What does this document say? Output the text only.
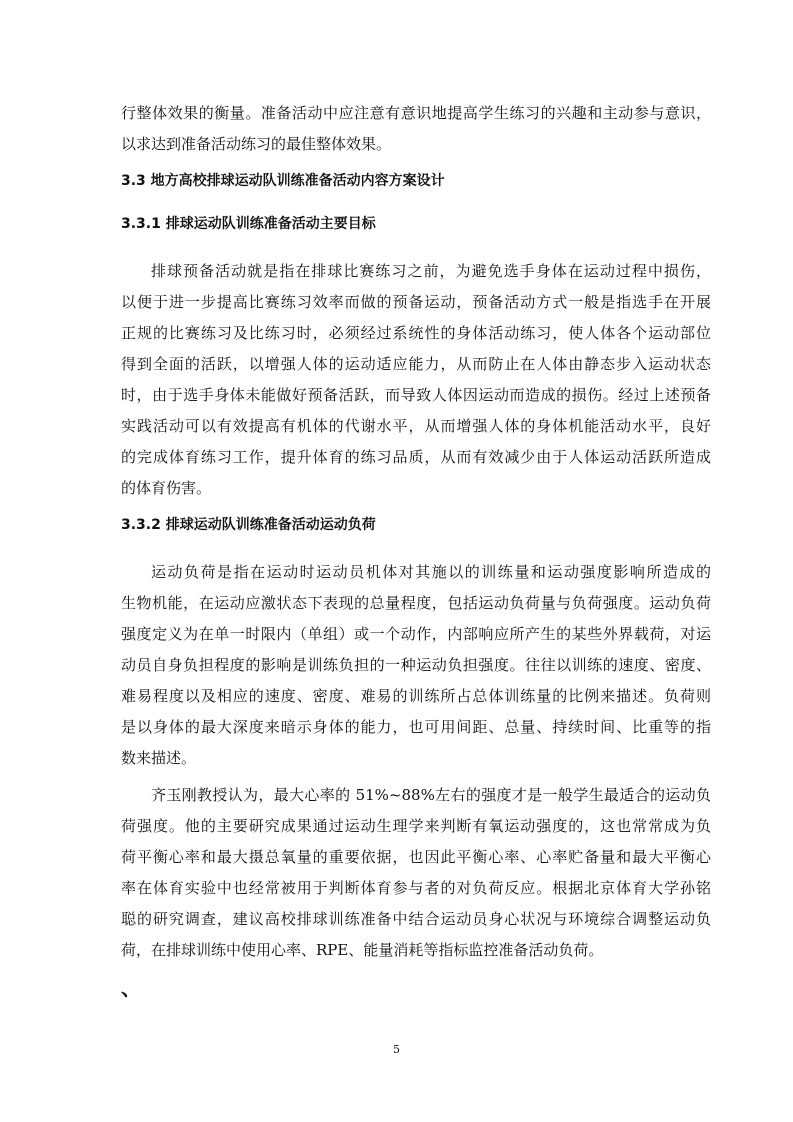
行整体效果的衡量。准备活动中应注意有意识地提高学生练习的兴趣和主动参与意识，
以求达到准备活动练习的最佳整体效果。
3.3 地方高校排球运动队训练准备活动内容方案设计
3.3.1 排球运动队训练准备活动主要目标
排球预备活动就是指在排球比赛练习之前，为避免选手身体在运动过程中损伤，
以便于进一步提高比赛练习效率而做的预备运动，预备活动方式一般是指选手在开展
正规的比赛练习及比练习时，必须经过系统性的身体活动练习，使人体各个运动部位
得到全面的活跃，以增强人体的运动适应能力，从而防止在人体由静态步入运动状态
时，由于选手身体未能做好预备活跃，而导致人体因运动而造成的损伤。经过上述预备
实践活动可以有效提高有机体的代谢水平，从而增强人体的身体机能活动水平，良好
的完成体育练习工作，提升体育的练习品质，从而有效减少由于人体运动活跃所造成
的体育伤害。
3.3.2 排球运动队训练准备活动运动负荷
运动负荷是指在运动时运动员机体对其施以的训练量和运动强度影响所造成的
生物机能，在运动应激状态下表现的总量程度，包括运动负荷量与负荷强度。运动负荷
强度定义为在单一时限内（单组）或一个动作，内部响应所产生的某些外界载荷，对运
动员自身负担程度的影响是训练负担的一种运动负担强度。往往以训练的速度、密度、
难易程度以及相应的速度、密度、难易的训练所占总体训练量的比例来描述。负荷则
是以身体的最大深度来暗示身体的能力，也可用间距、总量、持续时间、比重等的指
数来描述。
齐玉刚教授认为，最大心率的 51%~88%左右的强度才是一般学生最适合的运动负
荷强度。他的主要研究成果通过运动生理学来判断有氧运动强度的，这也常常成为负
荷平衡心率和最大摄总氧量的重要依据，也因此平衡心率、心率贮备量和最大平衡心
率在体育实验中也经常被用于判断体育参与者的对负荷反应。根据北京体育大学孙铭
聪的研究调查，建议高校排球训练准备中结合运动员身心状况与环境综合调整运动负
荷，在排球训练中使用心率、RPE、能量消耗等指标监控准备活动负荷。
、
5
